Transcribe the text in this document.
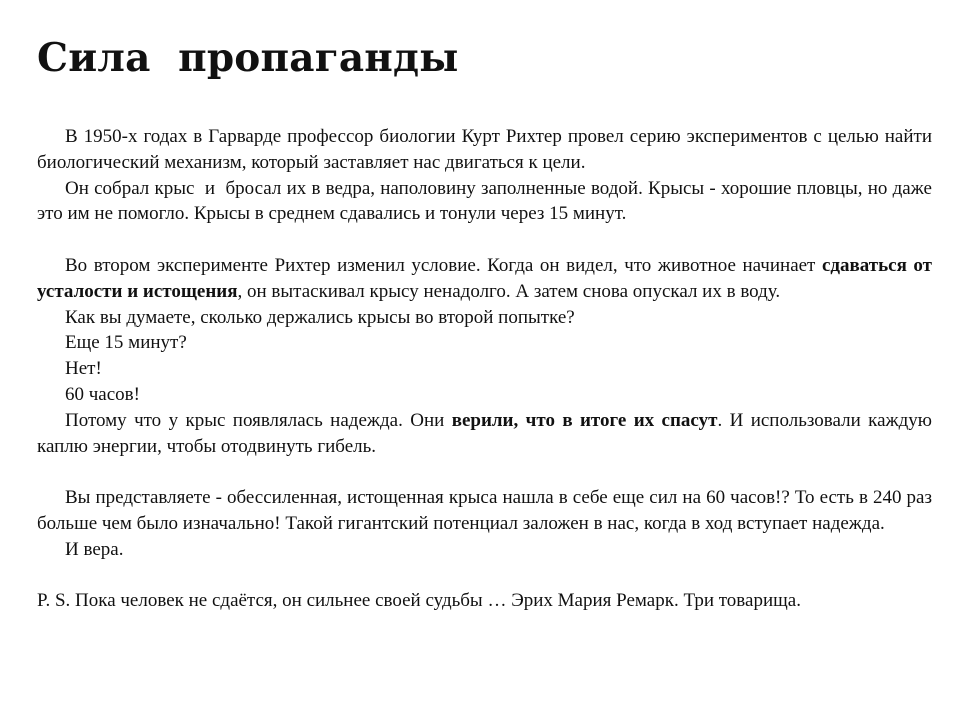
Сила  пропаганды

В 1950-х годах в Гарварде профессор биологии Курт Рихтер провел серию экспериментов с целью найти биологический механизм, который заставляет нас двигаться к цели.

Он собрал крыс  и  бросал их в ведра, наполовину заполненные водой. Крысы - хорошие пловцы, но даже это им не помогло. Крысы в среднем сдавались и тонули через 15 минут.

Во втором эксперименте Рихтер изменил условие. Когда он видел, что животное начинает сдаваться от усталости и истощения, он вытаскивал крысу ненадолго. А затем снова опускал их в воду.

Как вы думаете, сколько держались крысы во второй попытке?

Еще 15 минут?

Нет!

60 часов!

Потому что у крыс появлялась надежда. Они верили, что в итоге их спасут. И использовали каждую каплю энергии, чтобы отодвинуть гибель.

Вы представляете - обессиленная, истощенная крыса нашла в себе еще сил на 60 часов!? То есть в 240 раз больше чем было изначально! Такой гигантский потенциал заложен в нас, когда в ход вступает надежда.

И вера.

P. S. Пока человек не сдаётся, он сильнее своей судьбы … Эрих Мария Ремарк. Три товарища.
